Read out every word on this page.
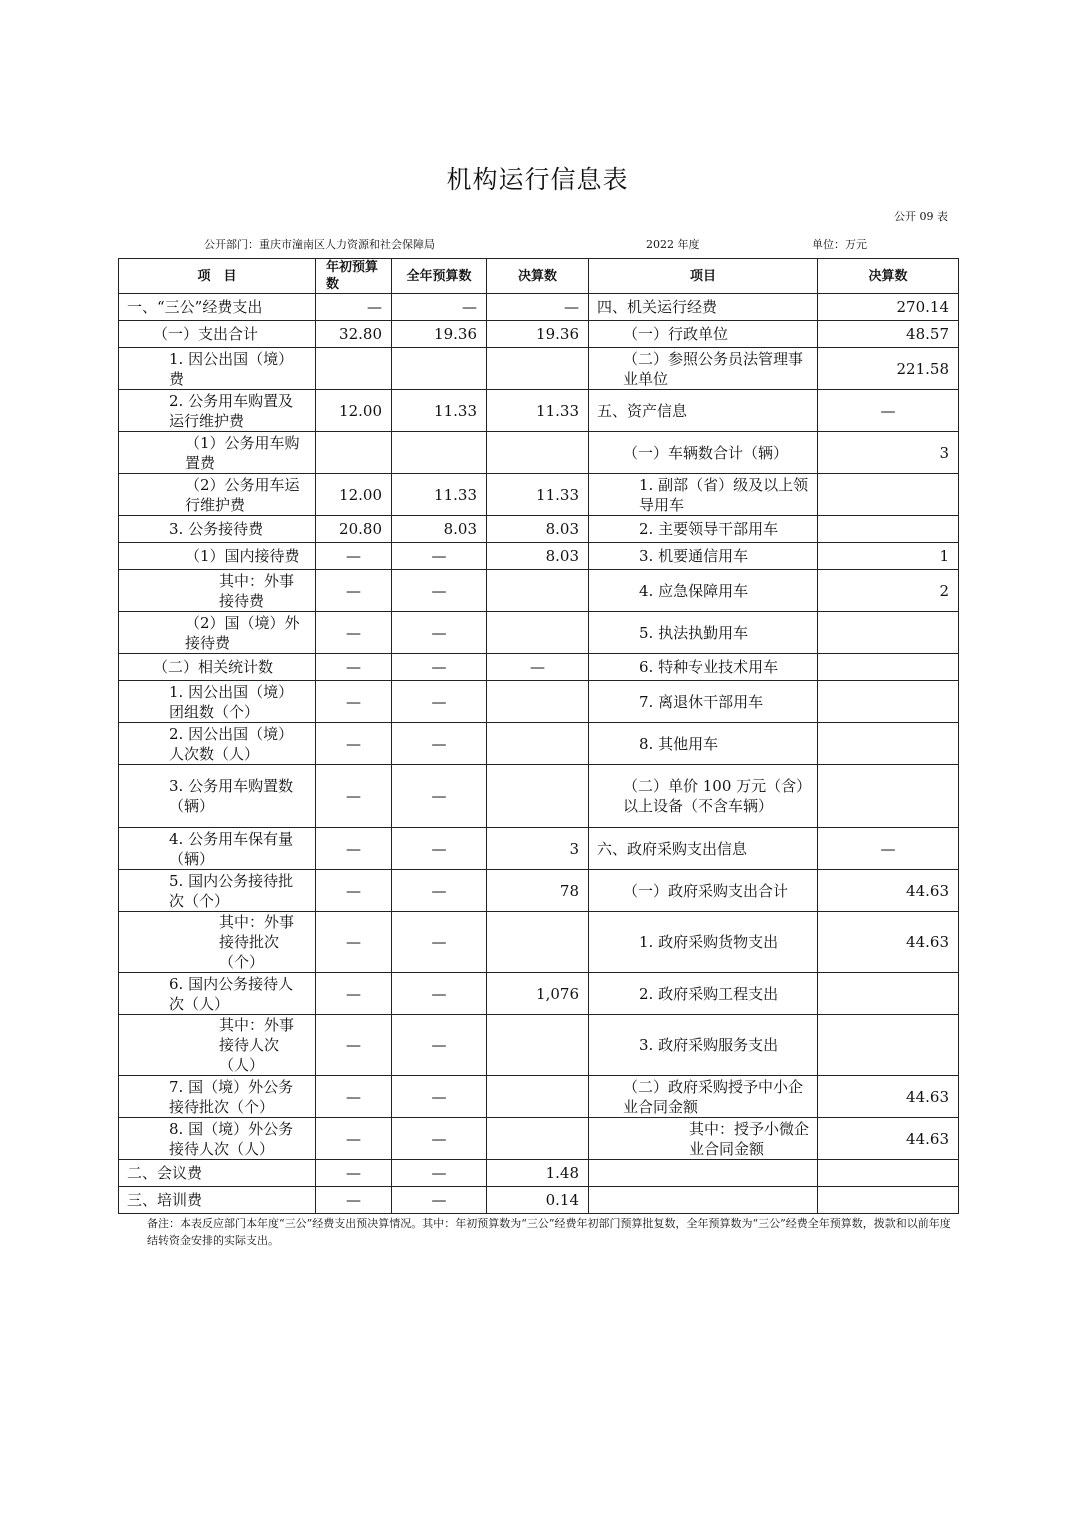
机构运行信息表
公开 09 表
公开部门：重庆市潼南区人力资源和社会保障局	2022 年度	单位：万元
项　目	年初预算数	全年预算数	决算数	项目	决算数
一、“三公”经费支出	—	—	—	四、机关运行经费	270.14
（一）支出合计	32.80	19.36	19.36	（一）行政单位	48.57
1. 因公出国（境）费				（二）参照公务员法管理事业单位	221.58
2. 公务用车购置及运行维护费	12.00	11.33	11.33	五、资产信息	—
（1）公务用车购置费				（一）车辆数合计（辆）	3
（2）公务用车运行维护费	12.00	11.33	11.33	1. 副部（省）级及以上领导用车	
3. 公务接待费	20.80	8.03	8.03	2. 主要领导干部用车	
（1）国内接待费	—	—	8.03	3. 机要通信用车	1
其中：外事接待费	—	—		4. 应急保障用车	2
（2）国（境）外接待费	—	—		5. 执法执勤用车	
（二）相关统计数	—	—	—	6. 特种专业技术用车	
1. 因公出国（境）团组数（个）	—	—		7. 离退休干部用车	
2. 因公出国（境）人次数（人）	—	—		8. 其他用车	
3. 公务用车购置数（辆）	—	—		（二）单价 100 万元（含）以上设备（不含车辆）	
4. 公务用车保有量（辆）	—	—	3	六、政府采购支出信息	—
5. 国内公务接待批次（个）	—	—	78	（一）政府采购支出合计	44.63
其中：外事接待批次（个）	—	—		1. 政府采购货物支出	44.63
6. 国内公务接待人次（人）	—	—	1,076	2. 政府采购工程支出	
其中：外事接待人次（人）	—	—		3. 政府采购服务支出	
7. 国（境）外公务接待批次（个）	—	—		（二）政府采购授予中小企业合同金额	44.63
8. 国（境）外公务接待人次（人）	—	—		其中：授予小微企业合同金额	44.63
二、会议费	—	—	1.48		
三、培训费	—	—	0.14		
备注：本表反应部门本年度“三公”经费支出预决算情况。其中：年初预算数为“三公”经费年初部门预算批复数，全年预算数为“三公”经费全年预算数，拨款和以前年度结转资金安排的实际支出。
